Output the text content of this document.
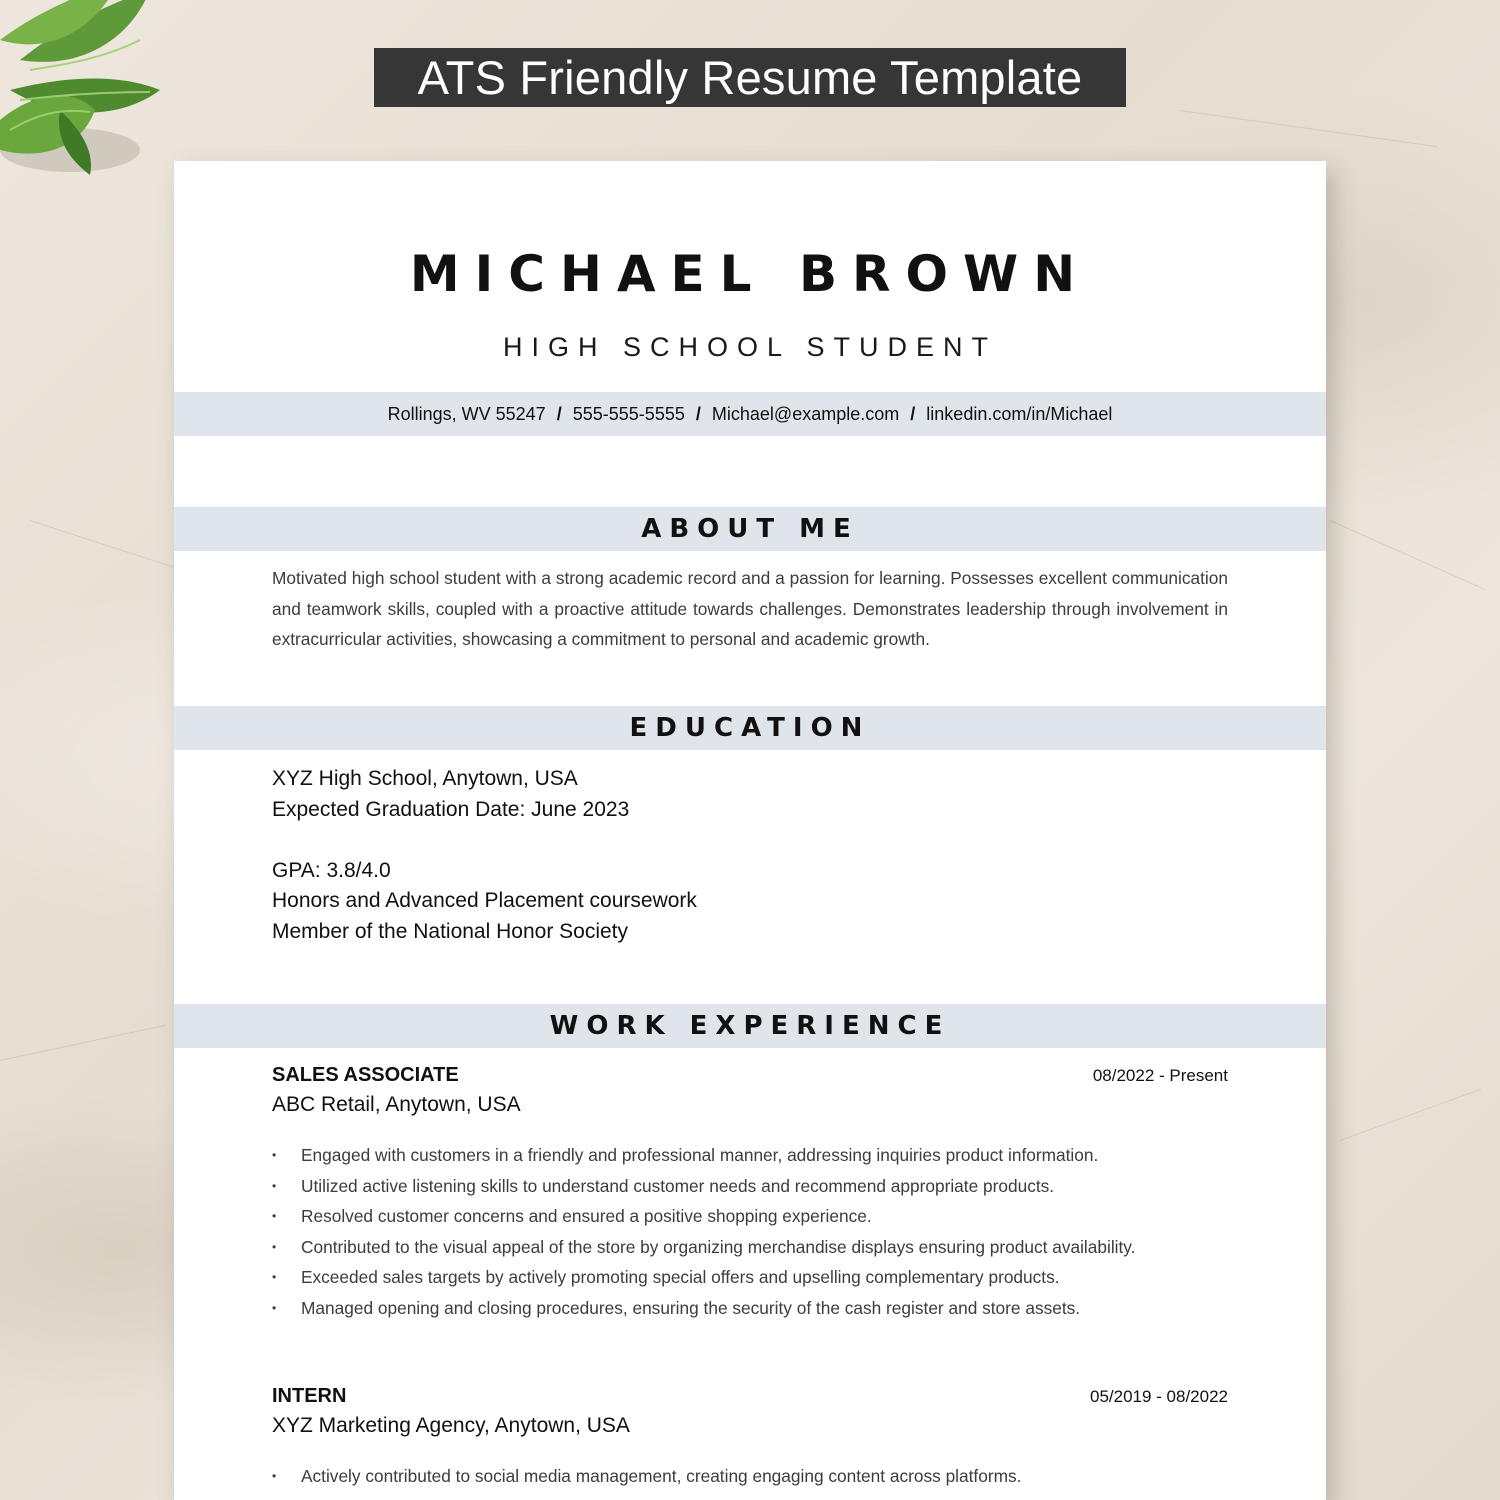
ATS Friendly Resume Template
MICHAEL BROWN
HIGH SCHOOL STUDENT
Rollings, WV 55247 / 555-555-5555 / Michael@example.com / linkedin.com/in/Michael
ABOUT ME
Motivated high school student with a strong academic record and a passion for learning. Possesses excellent communication and teamwork skills, coupled with a proactive attitude towards challenges. Demonstrates leadership through involvement in extracurricular activities, showcasing a commitment to personal and academic growth.
EDUCATION
XYZ High School, Anytown, USA
Expected Graduation Date: June 2023
GPA: 3.8/4.0
Honors and Advanced Placement coursework
Member of the National Honor Society
WORK EXPERIENCE
SALES ASSOCIATE	08/2022 - Present
ABC Retail, Anytown, USA
• Engaged with customers in a friendly and professional manner, addressing inquiries product information.
• Utilized active listening skills to understand customer needs and recommend appropriate products.
• Resolved customer concerns and ensured a positive shopping experience.
• Contributed to the visual appeal of the store by organizing merchandise displays ensuring product availability.
• Exceeded sales targets by actively promoting special offers and upselling complementary products.
• Managed opening and closing procedures, ensuring the security of the cash register and store assets.
INTERN	05/2019 - 08/2022
XYZ Marketing Agency, Anytown, USA
• Actively contributed to social media management, creating engaging content across platforms.
